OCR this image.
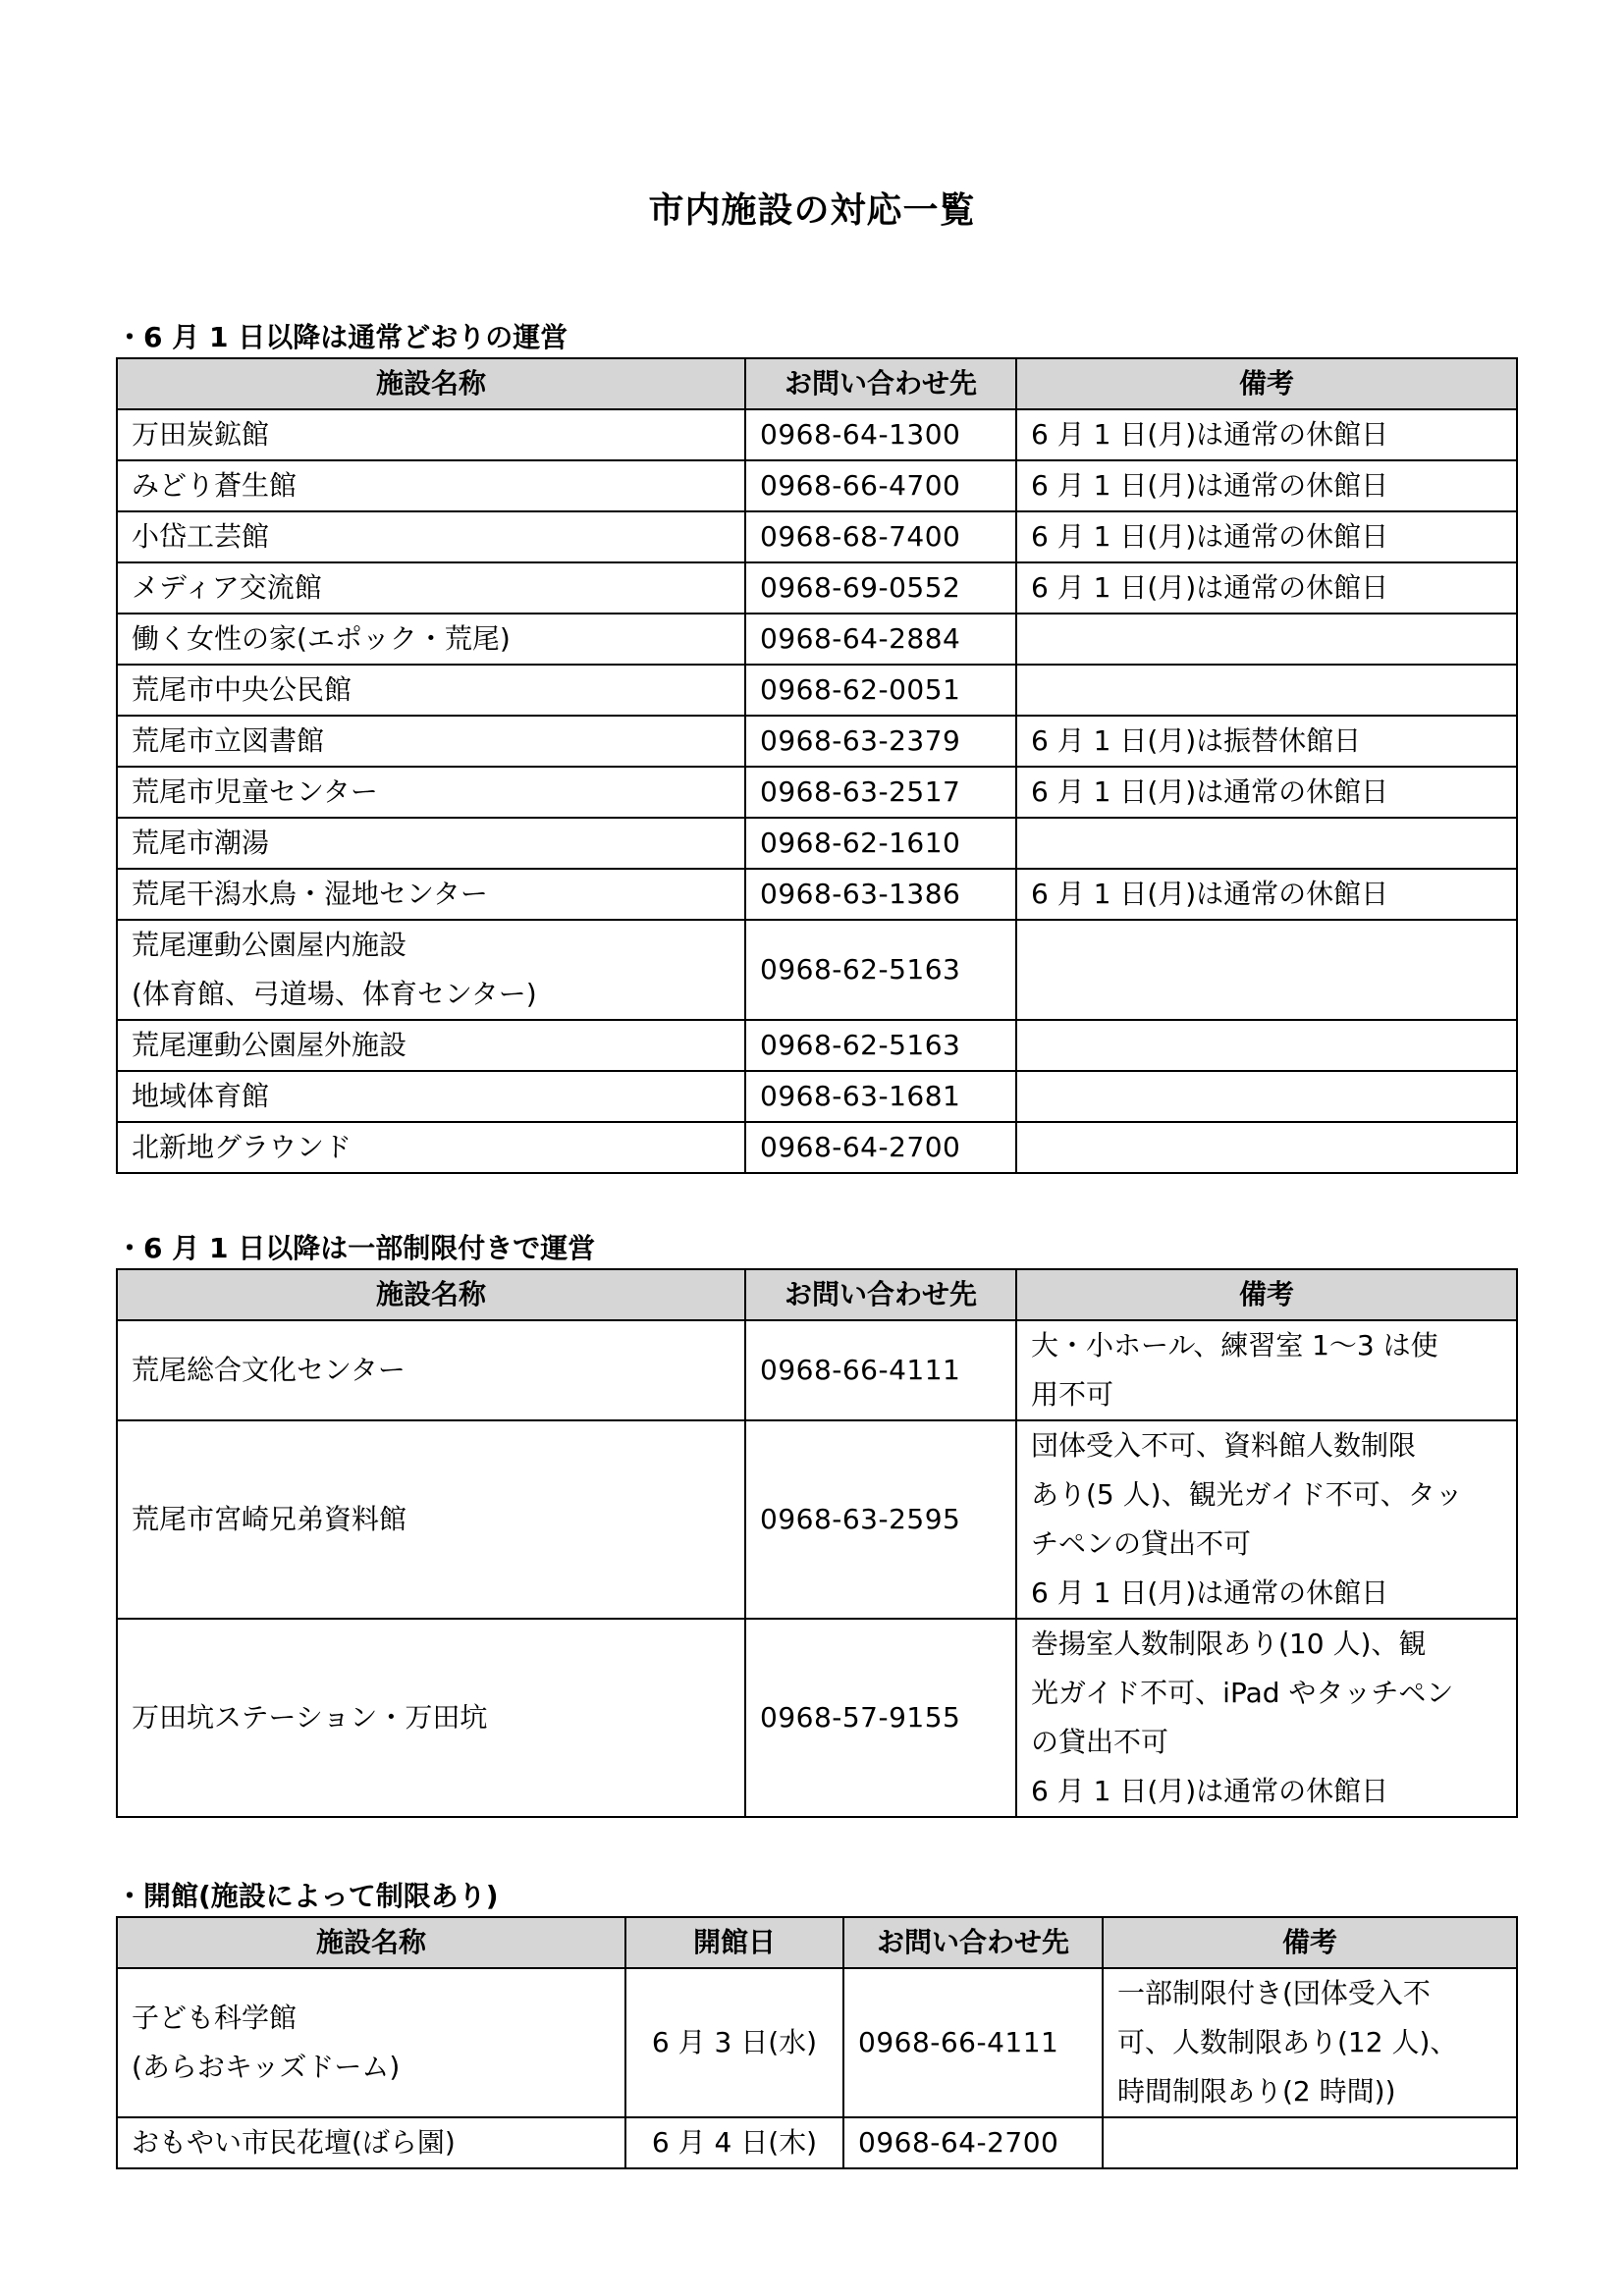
市内施設の対応一覧
・6 月 1 日以降は通常どおりの運営
施設名称	お問い合わせ先	備考
万田炭鉱館	0968-64-1300	6 月 1 日(月)は通常の休館日
みどり蒼生館	0968-66-4700	6 月 1 日(月)は通常の休館日
小岱工芸館	0968-68-7400	6 月 1 日(月)は通常の休館日
メディア交流館	0968-69-0552	6 月 1 日(月)は通常の休館日
働く女性の家(エポック・荒尾)	0968-64-2884	
荒尾市中央公民館	0968-62-0051	
荒尾市立図書館	0968-63-2379	6 月 1 日(月)は振替休館日
荒尾市児童センター	0968-63-2517	6 月 1 日(月)は通常の休館日
荒尾市潮湯	0968-62-1610	
荒尾干潟水鳥・湿地センター	0968-63-1386	6 月 1 日(月)は通常の休館日

荒尾運動公園屋内施設
(体育館、弓道場、体育センター)	0968-62-5163	
荒尾運動公園屋外施設	0968-62-5163	
地域体育館	0968-63-1681	
北新地グラウンド	0968-64-2700	
・6 月 1 日以降は一部制限付きで運営
施設名称	お問い合わせ先	備考
荒尾総合文化センター	0968-66-4111	大・小ホール、練習室 1～3 は使
用不可

荒尾市宮崎兄弟資料館	0968-63-2595	団体受入不可、資料館人数制限
あり(5 人)、観光ガイド不可、タッ
チペンの貸出不可
6 月 1 日(月)は通常の休館日

万田坑ステーション・万田坑	0968-57-9155	巻揚室人数制限あり(10 人)、観
光ガイド不可、iPad やタッチペン
の貸出不可
6 月 1 日(月)は通常の休館日
・開館(施設によって制限あり)
施設名称	開館日	お問い合わせ先	備考

子ども科学館
(あらおキッズドーム)	6 月 3 日(水)	0968-66-4111	一部制限付き(団体受入不
可、人数制限あり(12 人)、
時間制限あり(2 時間))

おもやい市民花壇(ばら園)	6 月 4 日(木)	0968-64-2700	
